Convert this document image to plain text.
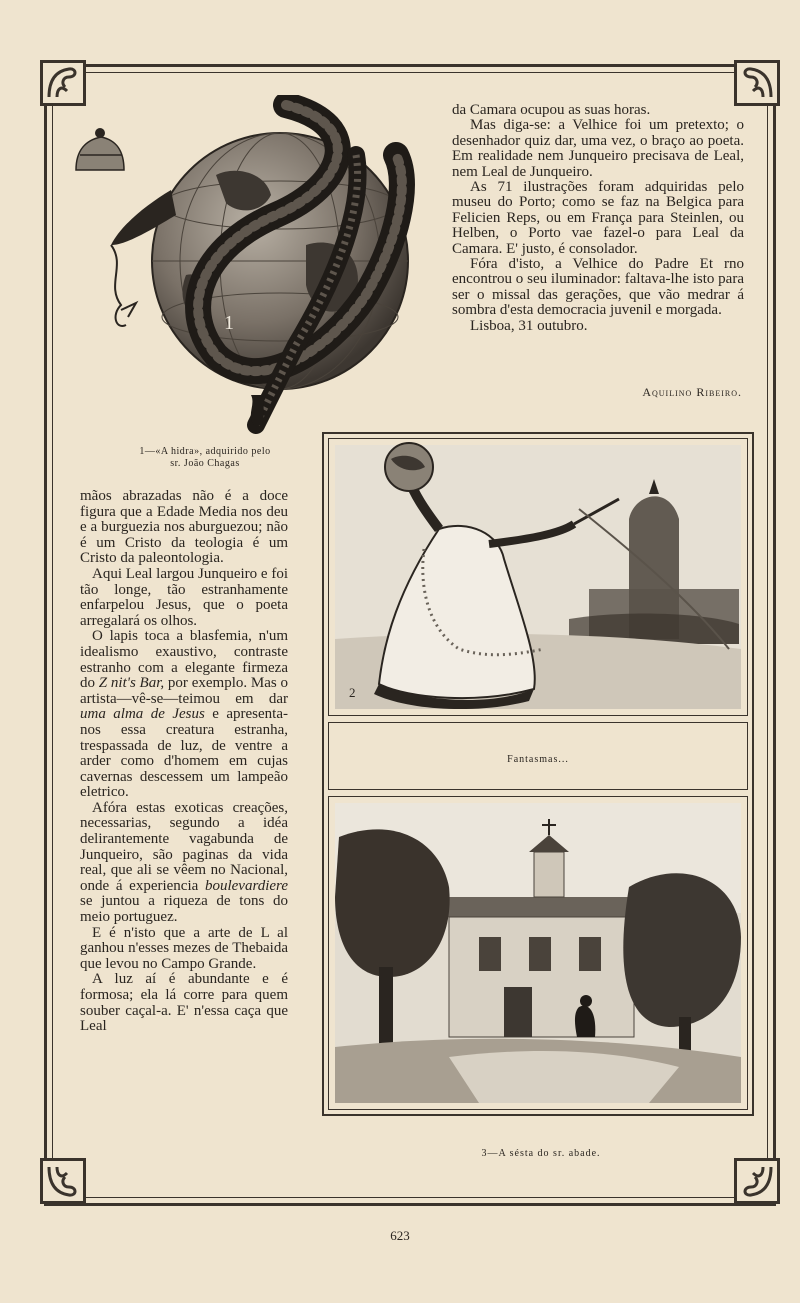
1
1—«A hidra», adquirido pelo
sr. João Chagas

da Camara ocupou as suas horas.

Mas diga-se: a Velhice foi um pretexto; o desenhador quiz dar, uma vez, o braço ao poeta. Em realidade nem Junqueiro precisava de Leal, nem Leal de Junqueiro.

As 71 ilustrações foram adquiridas pelo museu do Porto; como se faz na Belgica para Felicien Reps, ou em França para Steinlen, ou Helben, o Porto vae fazel-o para Leal da Camara. E' justo, é consolador.

Fóra d'isto, a Velhice do Padre Et rno encontrou o seu iluminador: faltava-lhe isto para ser o missal das gerações, que vão medrar á sombra d'esta democracia juvenil e morgada.

Lisboa, 31 outubro.

Aquilino Ribeiro.

mãos abrazadas não é a doce figura que a Edade Media nos deu e a burguezia nos aburguezou; não é um Cristo da teologia é um Cristo da paleontologia.

Aqui Leal largou Junqueiro e foi tão longe, tão estranhamente enfarpelou Jesus, que o poeta arregalará os olhos.

O lapis toca a blasfemia, n'um idealismo exaustivo, contraste estranho com a elegante firmeza do Z nit's Bar, por exemplo. Mas o artista—vê-se—teimou em dar uma alma de Jesus e apresenta-nos essa creatura estranha, trespassada de luz, de ventre a arder como d'homem em cujas cavernas descessem um lampeão eletrico.

Afóra estas exoticas creações, necessarias, segundo a idéa delirantemente vagabunda de Junqueiro, são paginas da vida real, que ali se vêem no Nacional, onde á experiencia boulevardiere se juntou a riqueza de tons do meio portuguez.

E é n'isto que a arte de L al ganhou n'esses mezes de Thebaida que levou no Campo Grande.

A luz aí é abundante e é formosa; ela lá corre para quem souber caçal-a. E' n'essa caça que Leal

2
Fantasmas...
3—A sésta do sr. abade.
623
